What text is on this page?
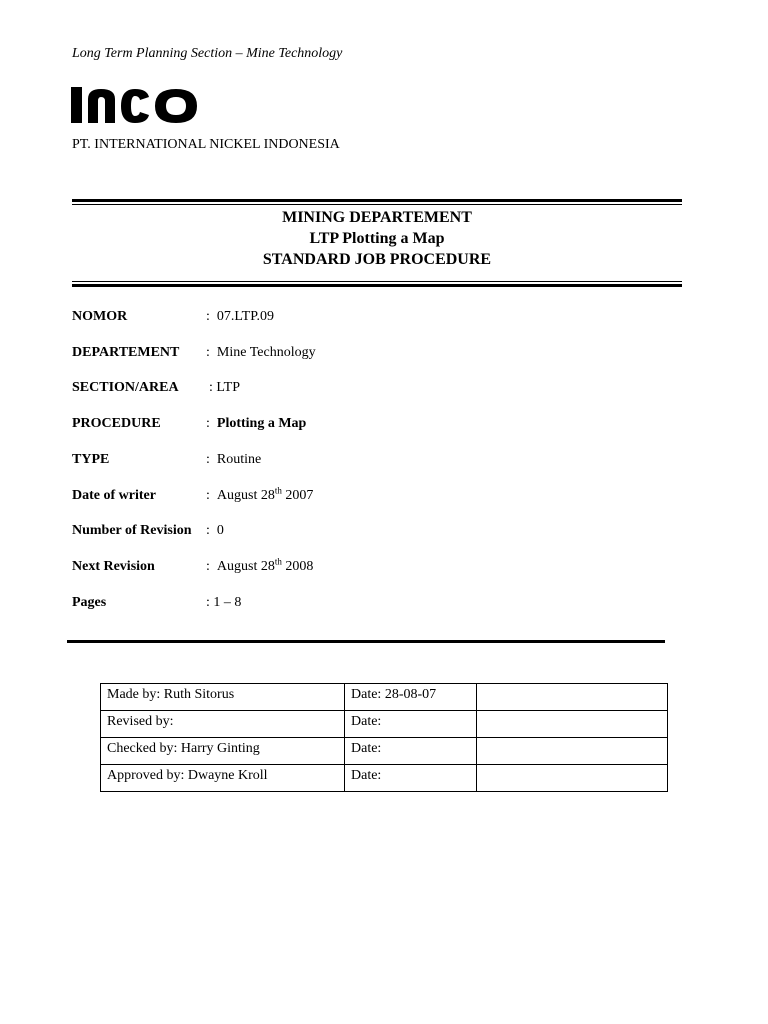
Long Term Planning Section – Mine Technology
PT. INTERNATIONAL NICKEL INDONESIA
MINING DEPARTEMENT
LTP Plotting a Map
STANDARD JOB PROCEDURE
NOMOR	: 07.LTP.09
DEPARTEMENT : Mine Technology
SECTION/AREA : LTP
PROCEDURE	: Plotting a Map
TYPE	: Routine
Date of writer	: August 28th 2007
Number of Revision : 0
Next Revision	: August 28th 2008
Pages	: 1 – 8
Made by: Ruth Sitorus	Date: 28-08-07	
Revised by:	Date:	
Checked by: Harry Ginting	Date:	
Approved by: Dwayne Kroll	Date:	
